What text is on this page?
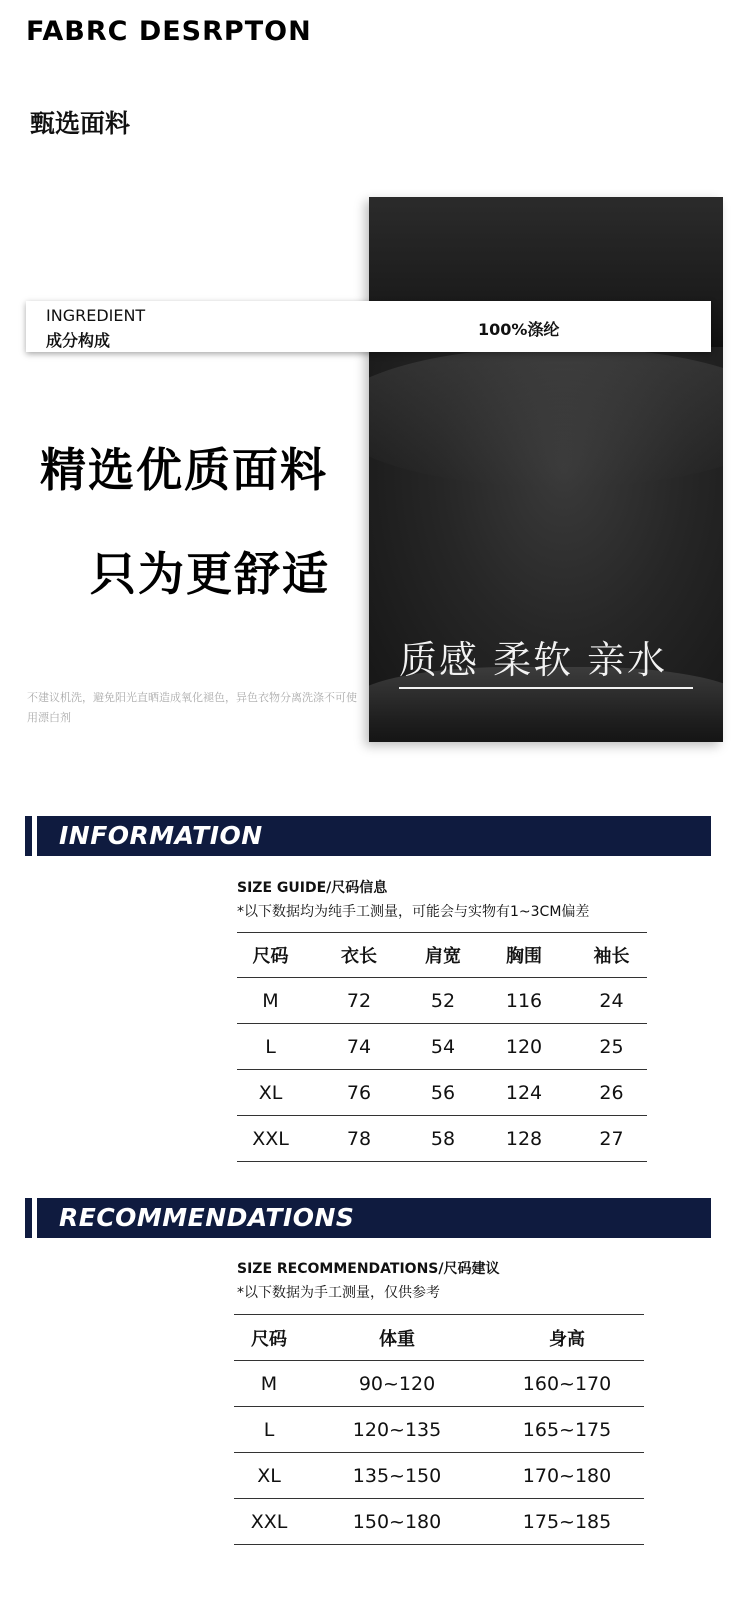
FABRC DESRPTON
甄选面料
质感 柔软 亲水
INGREDIENT
成分构成
100%涤纶
精选优质面料
只为更舒适
不建议机洗，避免阳光直晒造成氧化褪色，异色衣物分离洗涤不可使用漂白剂
INFORMATION
SIZE GUIDE/尺码信息
*以下数据均为纯手工测量，可能会与实物有1~3CM偏差
尺码	衣长	肩宽	胸围	袖长
M	72	52	116	24
L	74	54	120	25
XL	76	56	124	26
XXL	78	58	128	27
RECOMMENDATIONS
SIZE RECOMMENDATIONS/尺码建议
*以下数据为手工测量，仅供参考
尺码	体重	身高
M	90~120	160~170
L	120~135	165~175
XL	135~150	170~180
XXL	150~180	175~185
